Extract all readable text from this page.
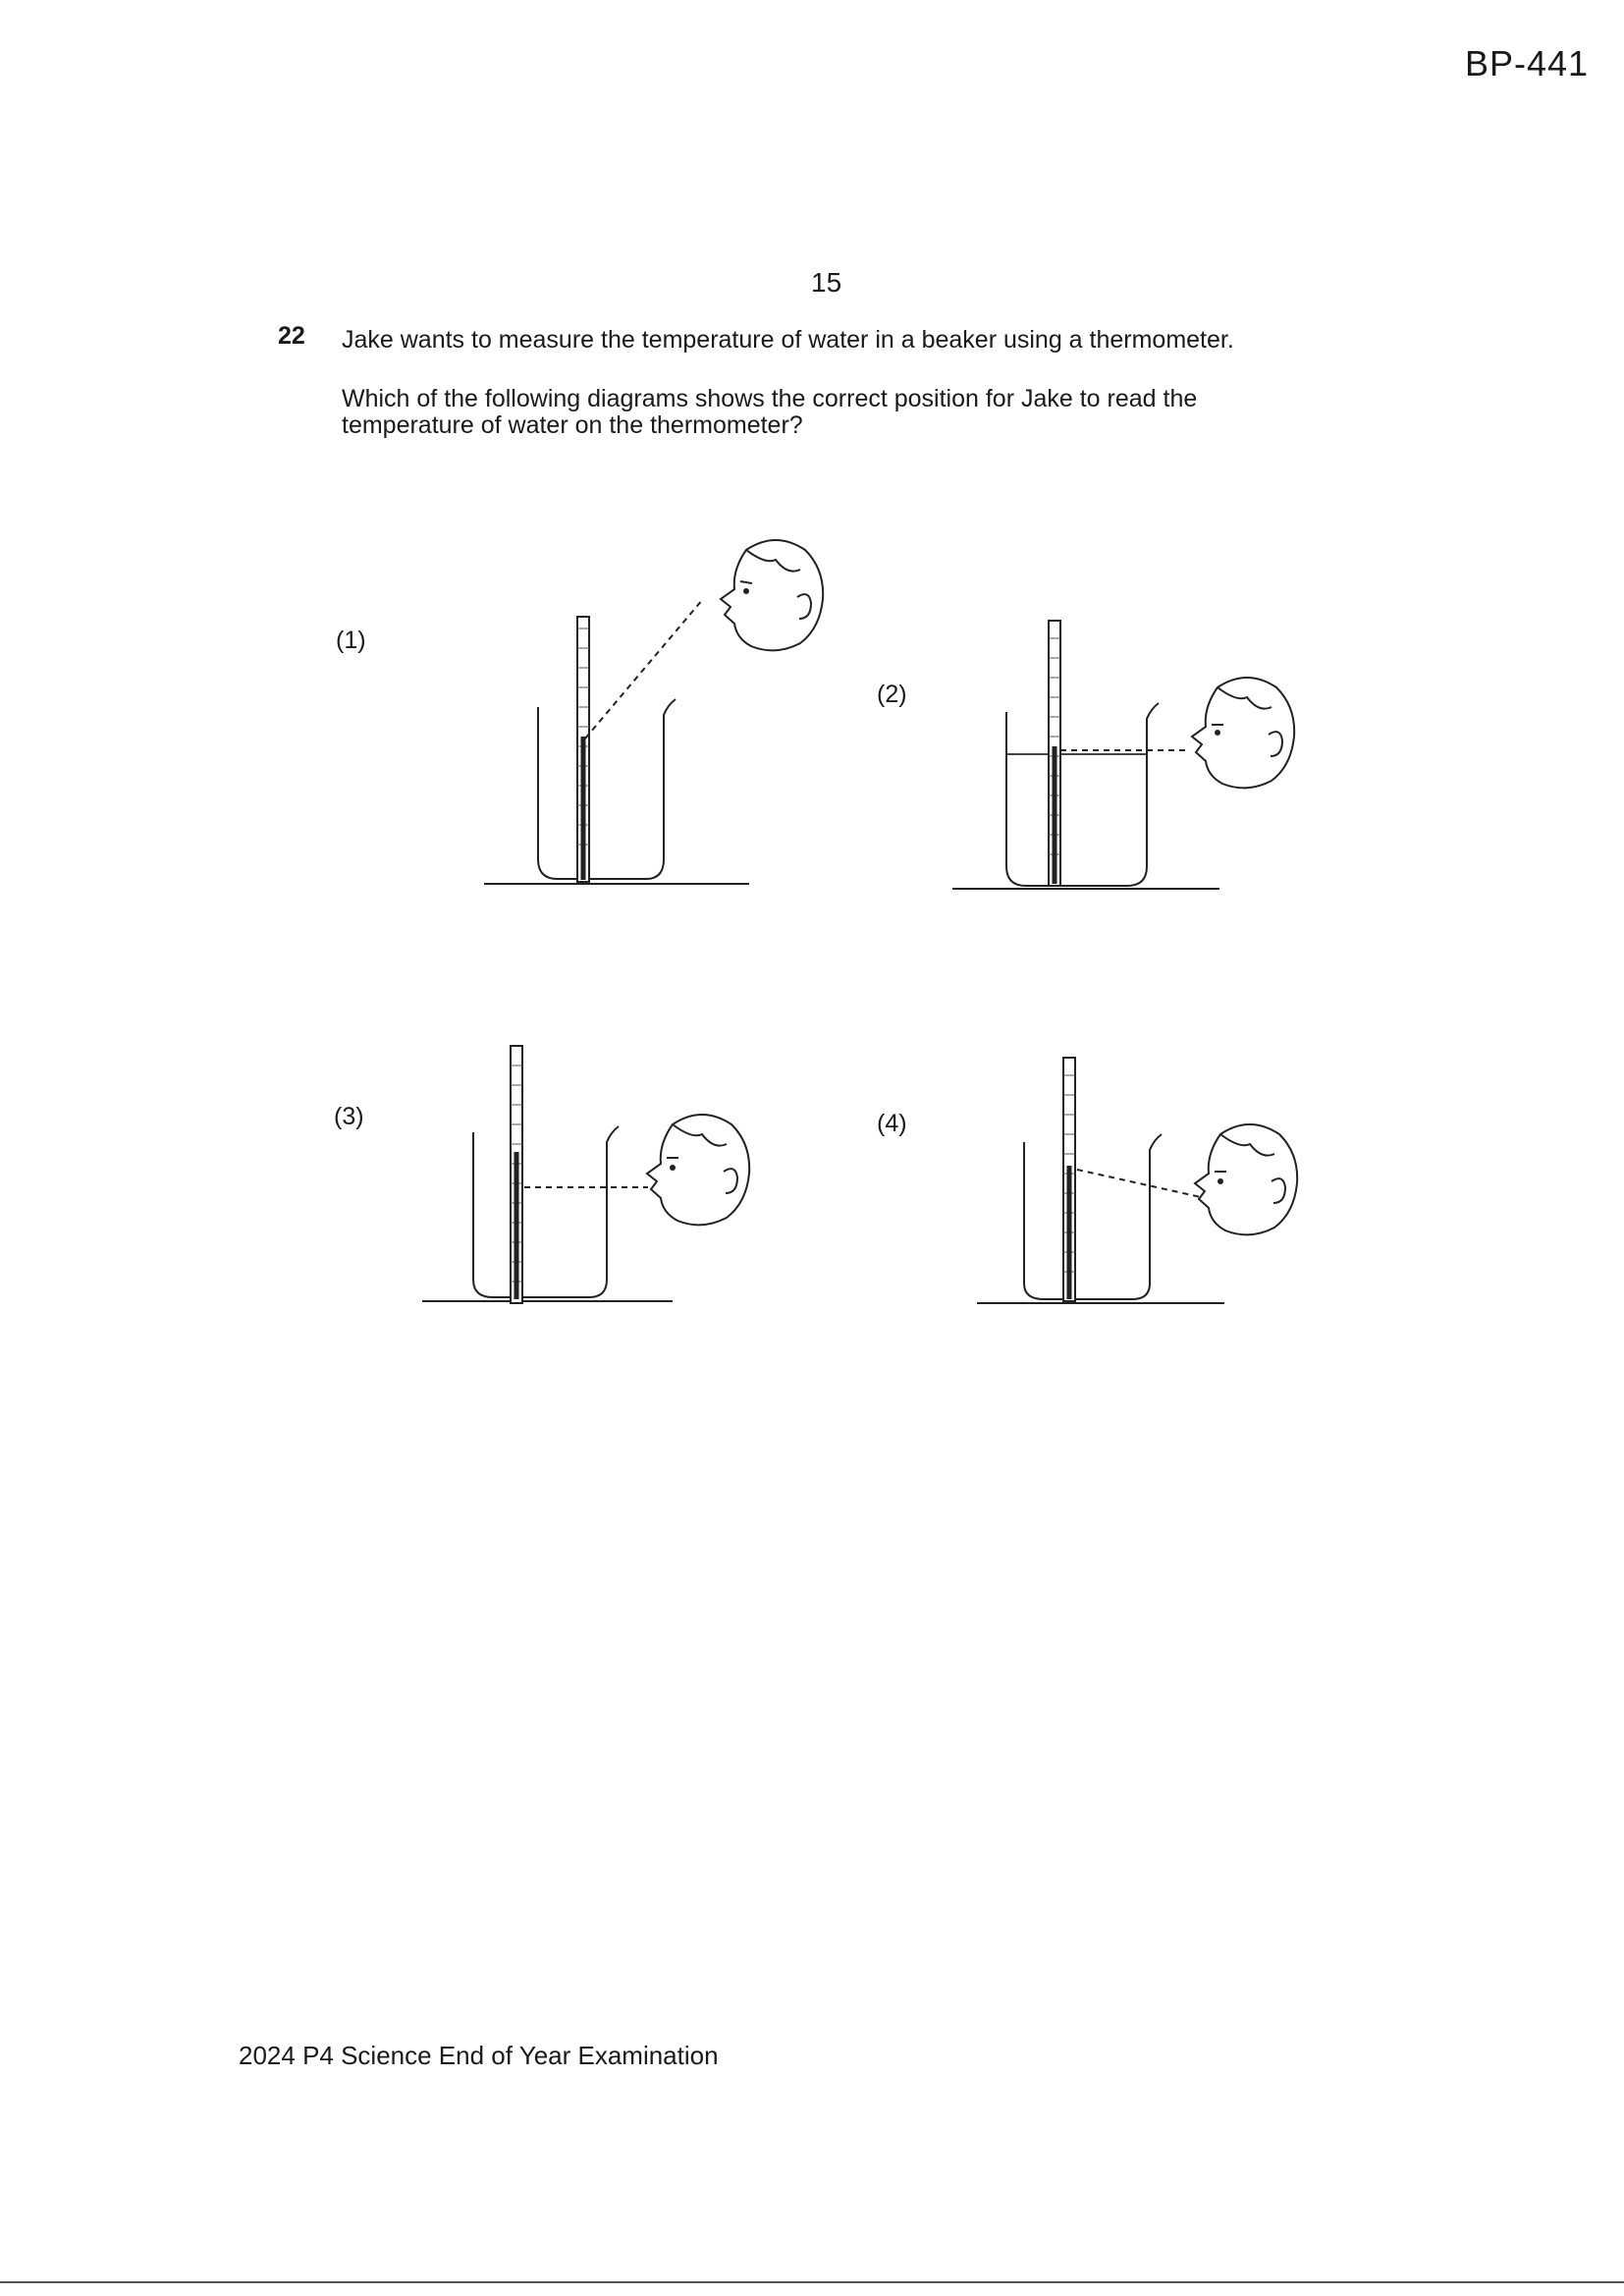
BP-441
15
22 Jake wants to measure the temperature of water in a beaker using a thermometer.
Which of the following diagrams shows the correct position for Jake to read the temperature of water on the thermometer?
(1)
(2)
(3)	(4)
2024 P4 Science End of Year Examination
